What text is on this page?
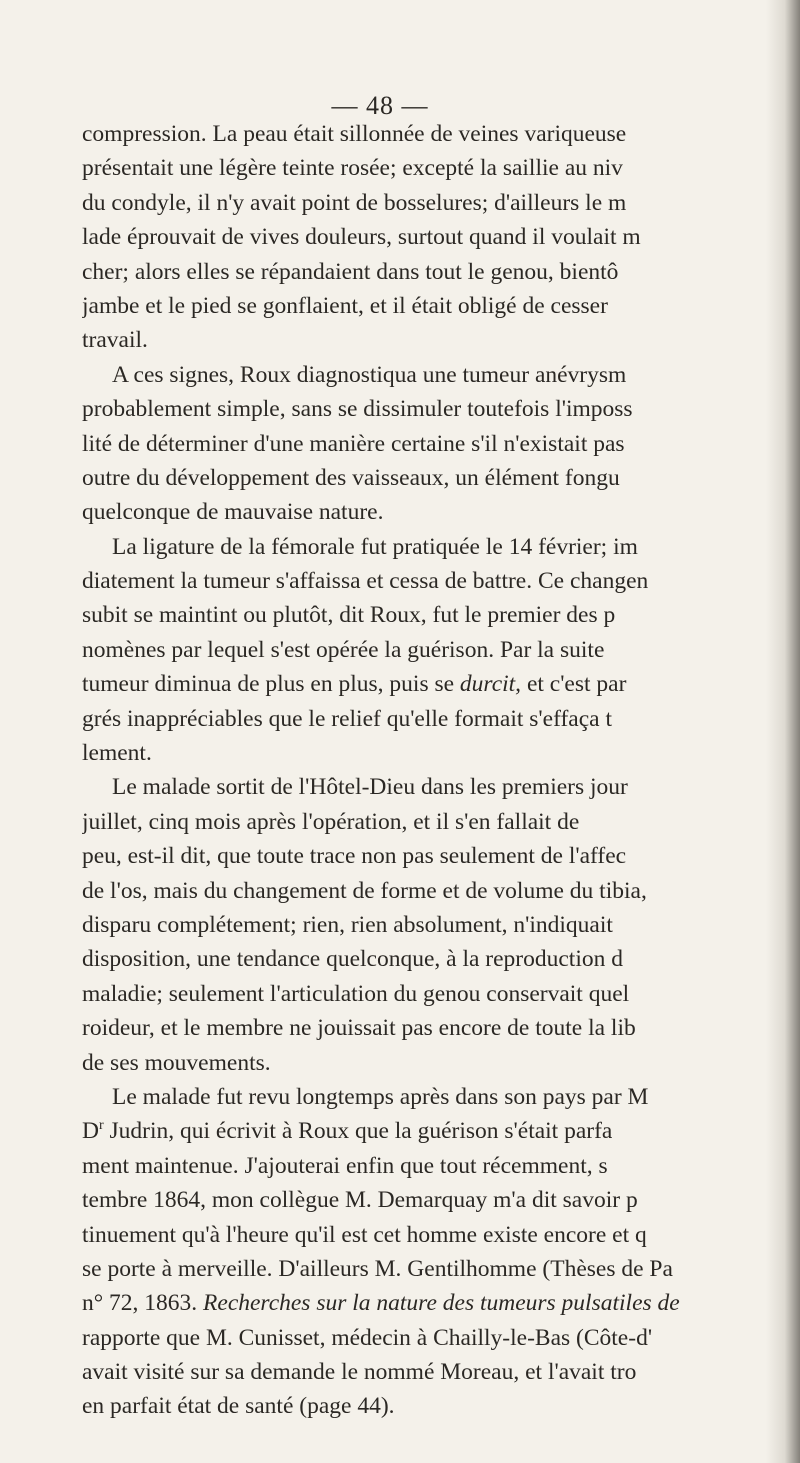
— 48 —
compression. La peau était sillonnée de veines variqueuse
présentait une légère teinte rosée; excepté la saillie au niv
du condyle, il n'y avait point de bosselures; d'ailleurs le m
lade éprouvait de vives douleurs, surtout quand il voulait m
cher; alors elles se répandaient dans tout le genou, bientô
jambe et le pied se gonflaient, et il était obligé de cesser
travail.
A ces signes, Roux diagnostiqua une tumeur anévrysm
probablement simple, sans se dissimuler toutefois l'imposs
lité de déterminer d'une manière certaine s'il n'existait pas
outre du développement des vaisseaux, un élément fongu
quelconque de mauvaise nature.
La ligature de la fémorale fut pratiquée le 14 février; im
diatement la tumeur s'affaissa et cessa de battre. Ce changen
subit se maintint ou plutôt, dit Roux, fut le premier des p
nomènes par lequel s'est opérée la guérison. Par la suite
tumeur diminua de plus en plus, puis se durcit, et c'est par
grés inappréciables que le relief qu'elle formait s'effaça t
lement.
Le malade sortit de l'Hôtel-Dieu dans les premiers jour
juillet, cinq mois après l'opération, et il s'en fallait de
peu, est-il dit, que toute trace non pas seulement de l'affec
de l'os, mais du changement de forme et de volume du tibia,
disparu complétement; rien, rien absolument, n'indiquait
disposition, une tendance quelconque, à la reproduction d
maladie; seulement l'articulation du genou conservait quel
roideur, et le membre ne jouissait pas encore de toute la lib
de ses mouvements.
Le malade fut revu longtemps après dans son pays par M
$D^r$ Judrin, qui écrivit à Roux que la guérison s'était parfa
ment maintenue. J'ajouterai enfin que tout récemment, s
tembre 1864, mon collègue M. Demarquay m'a dit savoir p
tinuement qu'à l'heure qu'il est cet homme existe encore et q
se porte à merveille. D'ailleurs M. Gentilhomme (Thèses de Pa
n° 72, 1863. Recherches sur la nature des tumeurs pulsatiles de
rapporte que M. Cunisset, médecin à Chailly-le-Bas (Côte-d'
avait visité sur sa demande le nommé Moreau, et l'avait tro
en parfait état de santé (page 44).
